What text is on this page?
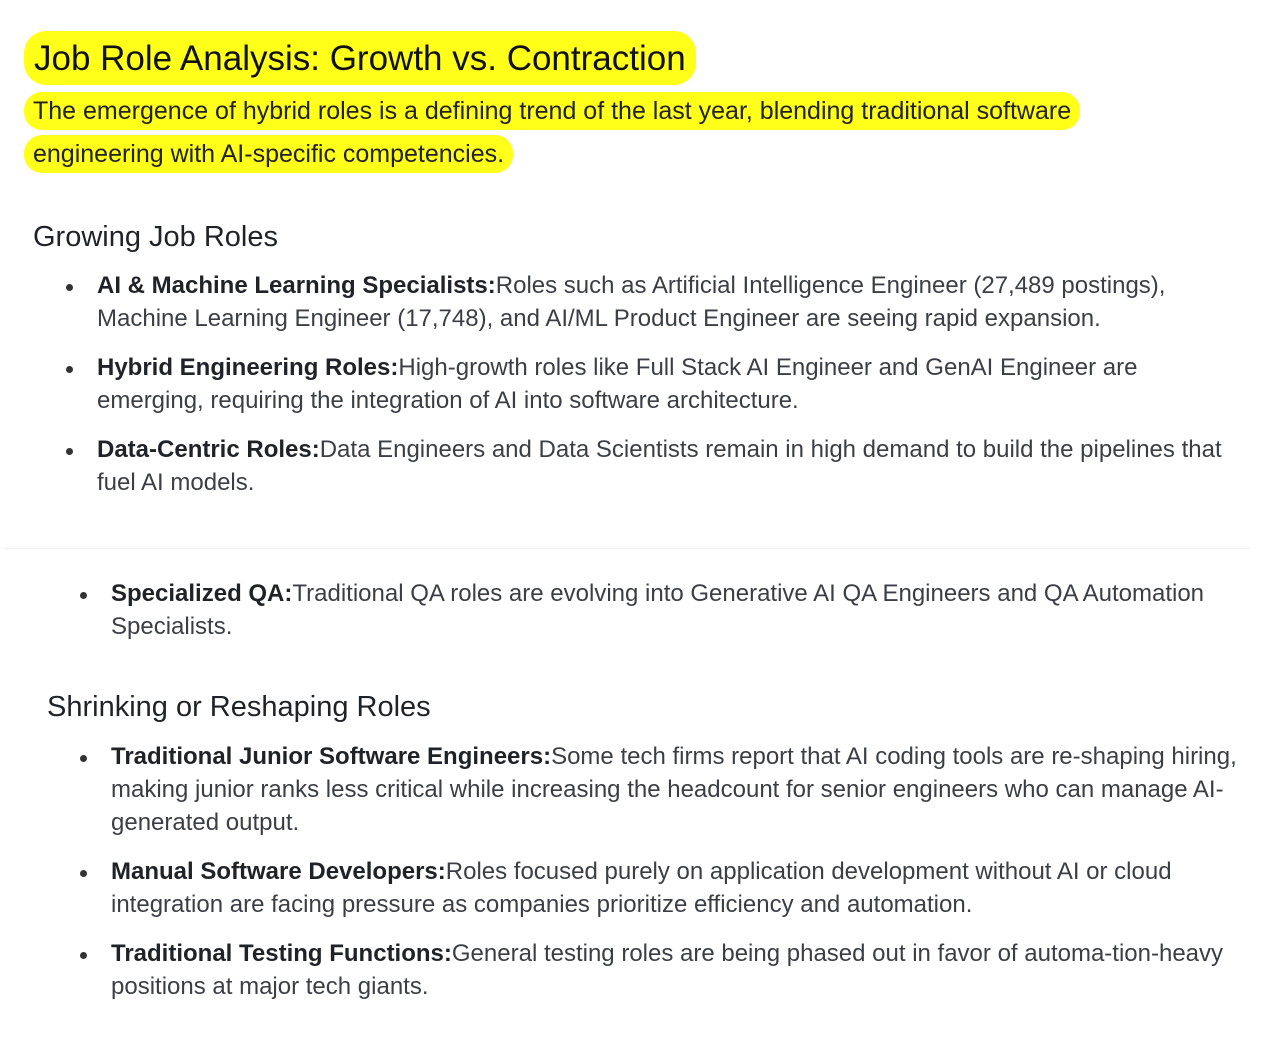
Job Role Analysis: Growth vs. Contraction
The emergence of hybrid roles is a defining trend of the last year, blending traditional software
engineering with AI-specific competencies.
Growing Job Roles
AI & Machine Learning Specialists:Roles such as Artificial Intelligence Engineer (27,489 postings), Machine Learning Engineer (17,748), and AI/ML Product Engineer are seeing rapid expansion.
Hybrid Engineering Roles:High-growth roles like Full Stack AI Engineer and GenAI Engineer are emerging, requiring the integration of AI into software architecture.
Data-Centric Roles:Data Engineers and Data Scientists remain in high demand to build the pipelines that fuel AI models.
Specialized QA:Traditional QA roles are evolving into Generative AI QA Engineers and QA Automation Specialists.
Shrinking or Reshaping Roles
Traditional Junior Software Engineers:Some tech firms report that AI coding tools are re-shaping hiring, making junior ranks less critical while increasing the headcount for senior engineers who can manage AI-generated output.
Manual Software Developers:Roles focused purely on application development without AI or cloud integration are facing pressure as companies prioritize efficiency and automation.
Traditional Testing Functions:General testing roles are being phased out in favor of automa-tion-heavy positions at major tech giants.
